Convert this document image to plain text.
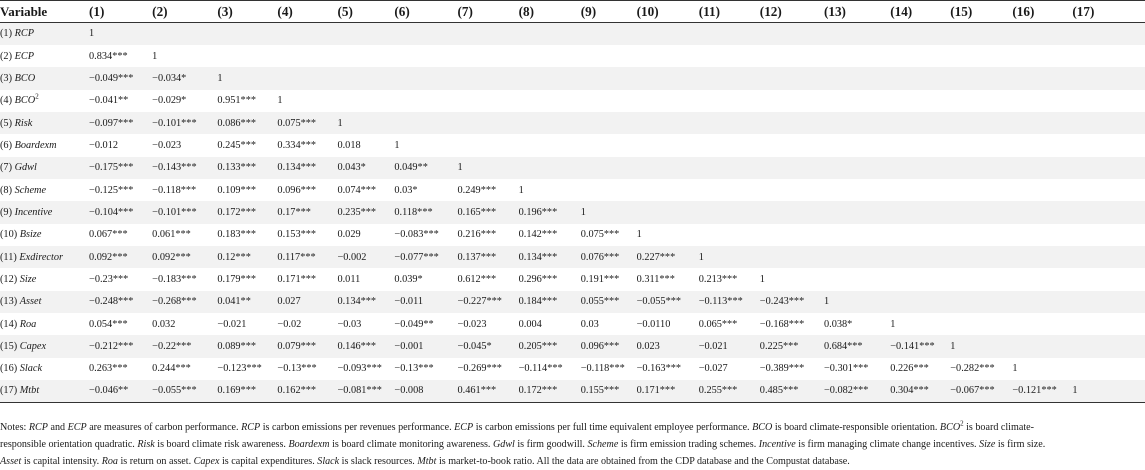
Variable	(1)	(2)	(3)	(4)	(5)	(6)	(7)	(8)	(9)	(10)	(11)	(12)	(13)	(14)	(15)	(16)	(17)
(1) RCP	1																
(2) ECP	0.834***	1															
(3) BCO	−0.049***	−0.034*	1														
(4) $BCO^2$	−0.041**	−0.029*	0.951***	1													
(5) Risk	−0.097***	−0.101***	0.086***	0.075***	1												
(6) Boardexm	−0.012	−0.023	0.245***	0.334***	0.018	1											
(7) Gdwl	−0.175***	−0.143***	0.133***	0.134***	0.043*	0.049**	1										
(8) Scheme	−0.125***	−0.118***	0.109***	0.096***	0.074***	0.03*	0.249***	1									
(9) Incentive	−0.104***	−0.101***	0.172***	0.17***	0.235***	0.118***	0.165***	0.196***	1								
(10) Bsize	0.067***	0.061***	0.183***	0.153***	0.029	−0.083***	0.216***	0.142***	0.075***	1							
(11) Exdirector	0.092***	0.092***	0.12***	0.117***	−0.002	−0.077***	0.137***	0.134***	0.076***	0.227***	1						
(12) Size	−0.23***	−0.183***	0.179***	0.171***	0.011	0.039*	0.612***	0.296***	0.191***	0.311***	0.213***	1					
(13) Asset	−0.248***	−0.268***	0.041**	0.027	0.134***	−0.011	−0.227***	0.184***	0.055***	−0.055***	−0.113***	−0.243***	1				
(14) Roa	0.054***	0.032	−0.021	−0.02	−0.03	−0.049**	−0.023	0.004	0.03	−0.0110	0.065***	−0.168***	0.038*	1			
(15) Capex	−0.212***	−0.22***	0.089***	0.079***	0.146***	−0.001	−0.045*	0.205***	0.096***	0.023	−0.021	0.225***	0.684***	−0.141***	1		
(16) Slack	0.263***	0.244***	−0.123***	−0.13***	−0.093***	−0.13***	−0.269***	−0.114***	−0.118***	−0.163***	−0.027	−0.389***	−0.301***	0.226***	−0.282***	1	
(17) Mtbt	−0.046**	−0.055***	0.169***	0.162***	−0.081***	−0.008	0.461***	0.172***	0.155***	0.171***	0.255***	0.485***	−0.082***	0.304***	−0.067***	−0.121***	1
Notes: RCP and ECP are measures of carbon performance. RCP is carbon emissions per revenues performance. ECP is carbon emissions per full time equivalent employee performance. BCO is board climate-responsible orientation. BCO$^2$ is board climate-
responsible orientation quadratic. Risk is board climate risk awareness. Boardexm is board climate monitoring awareness. Gdwl is firm goodwill. Scheme is firm emission trading schemes. Incentive is firm managing climate change incentives. Size is firm size.
Asset is capital intensity. Roa is return on asset. Capex is capital expenditures. Slack is slack resources. Mtbt is market-to-book ratio. All the data are obtained from the CDP database and the Compustat database.
